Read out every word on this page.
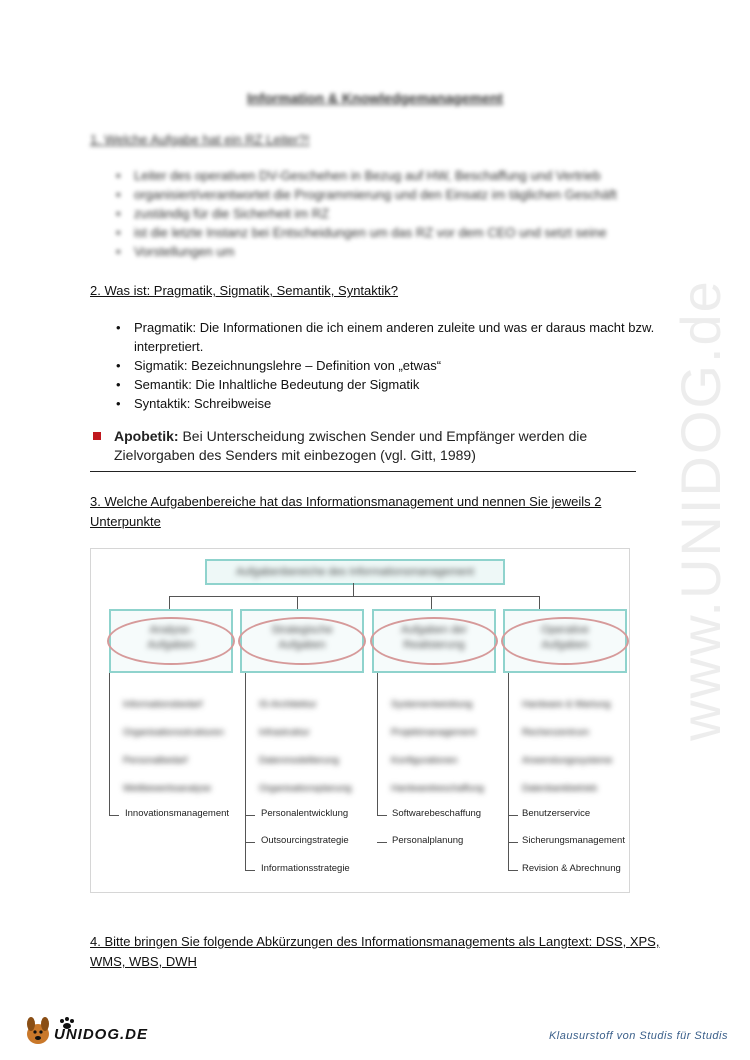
www.UNIDOG.de
Information & Knowledgemanagement
1. Welche Aufgabe hat ein RZ Leiter?!
• Leiter des operativen DV-Geschehen in Bezug auf HW, Beschaffung und Vertrieb
• organisiert/verantwortet die Programmierung und den Einsatz im täglichen Geschäft
• zuständig für die Sicherheit im RZ
• ist die letzte Instanz bei Entscheidungen um das RZ vor dem CEO und setzt seine
• Vorstellungen um
2. Was ist: Pragmatik, Sigmatik, Semantik, Syntaktik?
• Pragmatik: Die Informationen die ich einem anderen zuleite und was er daraus macht bzw. interpretiert.
• Sigmatik: Bezeichnungslehre – Definition von „etwas“
• Semantik: Die Inhaltliche Bedeutung der Sigmatik
• Syntaktik: Schreibweise
Apobetik: Bei Unterscheidung zwischen Sender und Empfänger werden die Zielvorgaben des Senders mit einbezogen (vgl. Gitt, 1989)
3. Welche Aufgabenbereiche hat das Informationsmanagement und nennen Sie jeweils 2 Unterpunkte
Aufgabenbereiche des Informationsmanagement
Analyse-
Aufgaben
Strategische
Aufgaben
Aufgaben der
Realisierung
Operative
Aufgaben
Informationsbedarf
Organisationsstrukturen
Personalbedarf
Wettbewerbsanalyse
Innovationsmanagement
IS-Architektur
Infrastruktur
Datenmodellierung
Organisationsplanung
Personalentwicklung
Outsourcingstrategie
Informationsstrategie
Systementwicklung
Projektmanagement
Konfigurationen
Hardwarebeschaffung
Softwarebeschaffung
Personalplanung
Hardware & Wartung
Rechenzentrum
Anwendungssysteme
Datenbankbetrieb
Benutzerservice
Sicherungsmanagement
Revision & Abrechnung
4. Bitte bringen Sie folgende Abkürzungen des Informationsmanagements als Langtext: DSS, XPS, WMS, WBS, DWH
UNIDOG.DE	Klausurstoff von Studis für Studis
